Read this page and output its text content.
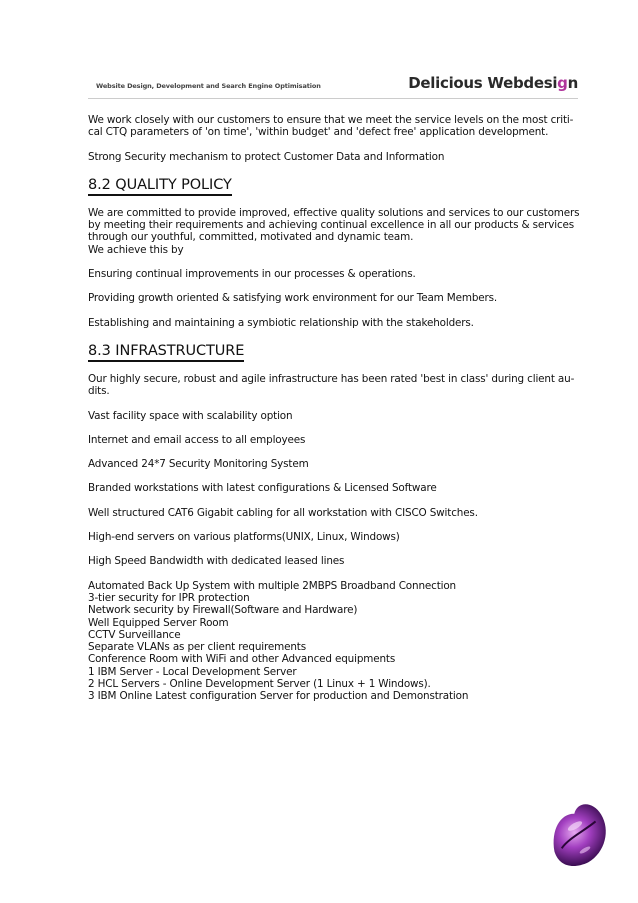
Website Design, Development and Search Engine Optimisation	Delicious Webdesign

We work closely with our customers to ensure that we meet the service levels on the most criti-

cal CTQ parameters of 'on time', 'within budget' and 'defect free' application development.

Strong Security mechanism to protect Customer Data and Information

8.2 QUALITY POLICY

We are committed to provide improved, effective quality solutions and services to our customers

by meeting their requirements and achieving continual excellence in all our products & services

through our youthful, committed, motivated and dynamic team.

We achieve this by

Ensuring continual improvements in our processes & operations.

Providing growth oriented & satisfying work environment for our Team Members.

Establishing and maintaining a symbiotic relationship with the stakeholders.

8.3 INFRASTRUCTURE

Our highly secure, robust and agile infrastructure has been rated 'best in class' during client au-

dits.

Vast facility space with scalability option

Internet and email access to all employees

Advanced 24*7 Security Monitoring System

Branded workstations with latest configurations & Licensed Software

Well structured CAT6 Gigabit cabling for all workstation with CISCO Switches.

High-end servers on various platforms(UNIX, Linux, Windows)

High Speed Bandwidth with dedicated leased lines

Automated Back Up System with multiple 2MBPS Broadband Connection

3-tier security for IPR protection

Network security by Firewall(Software and Hardware)

Well Equipped Server Room

CCTV Surveillance

Separate VLANs as per client requirements

Conference Room with WiFi and other Advanced equipments

1 IBM Server - Local Development Server

2 HCL Servers - Online Development Server (1 Linux + 1 Windows).

3 IBM Online Latest configuration Server for production and Demonstration
